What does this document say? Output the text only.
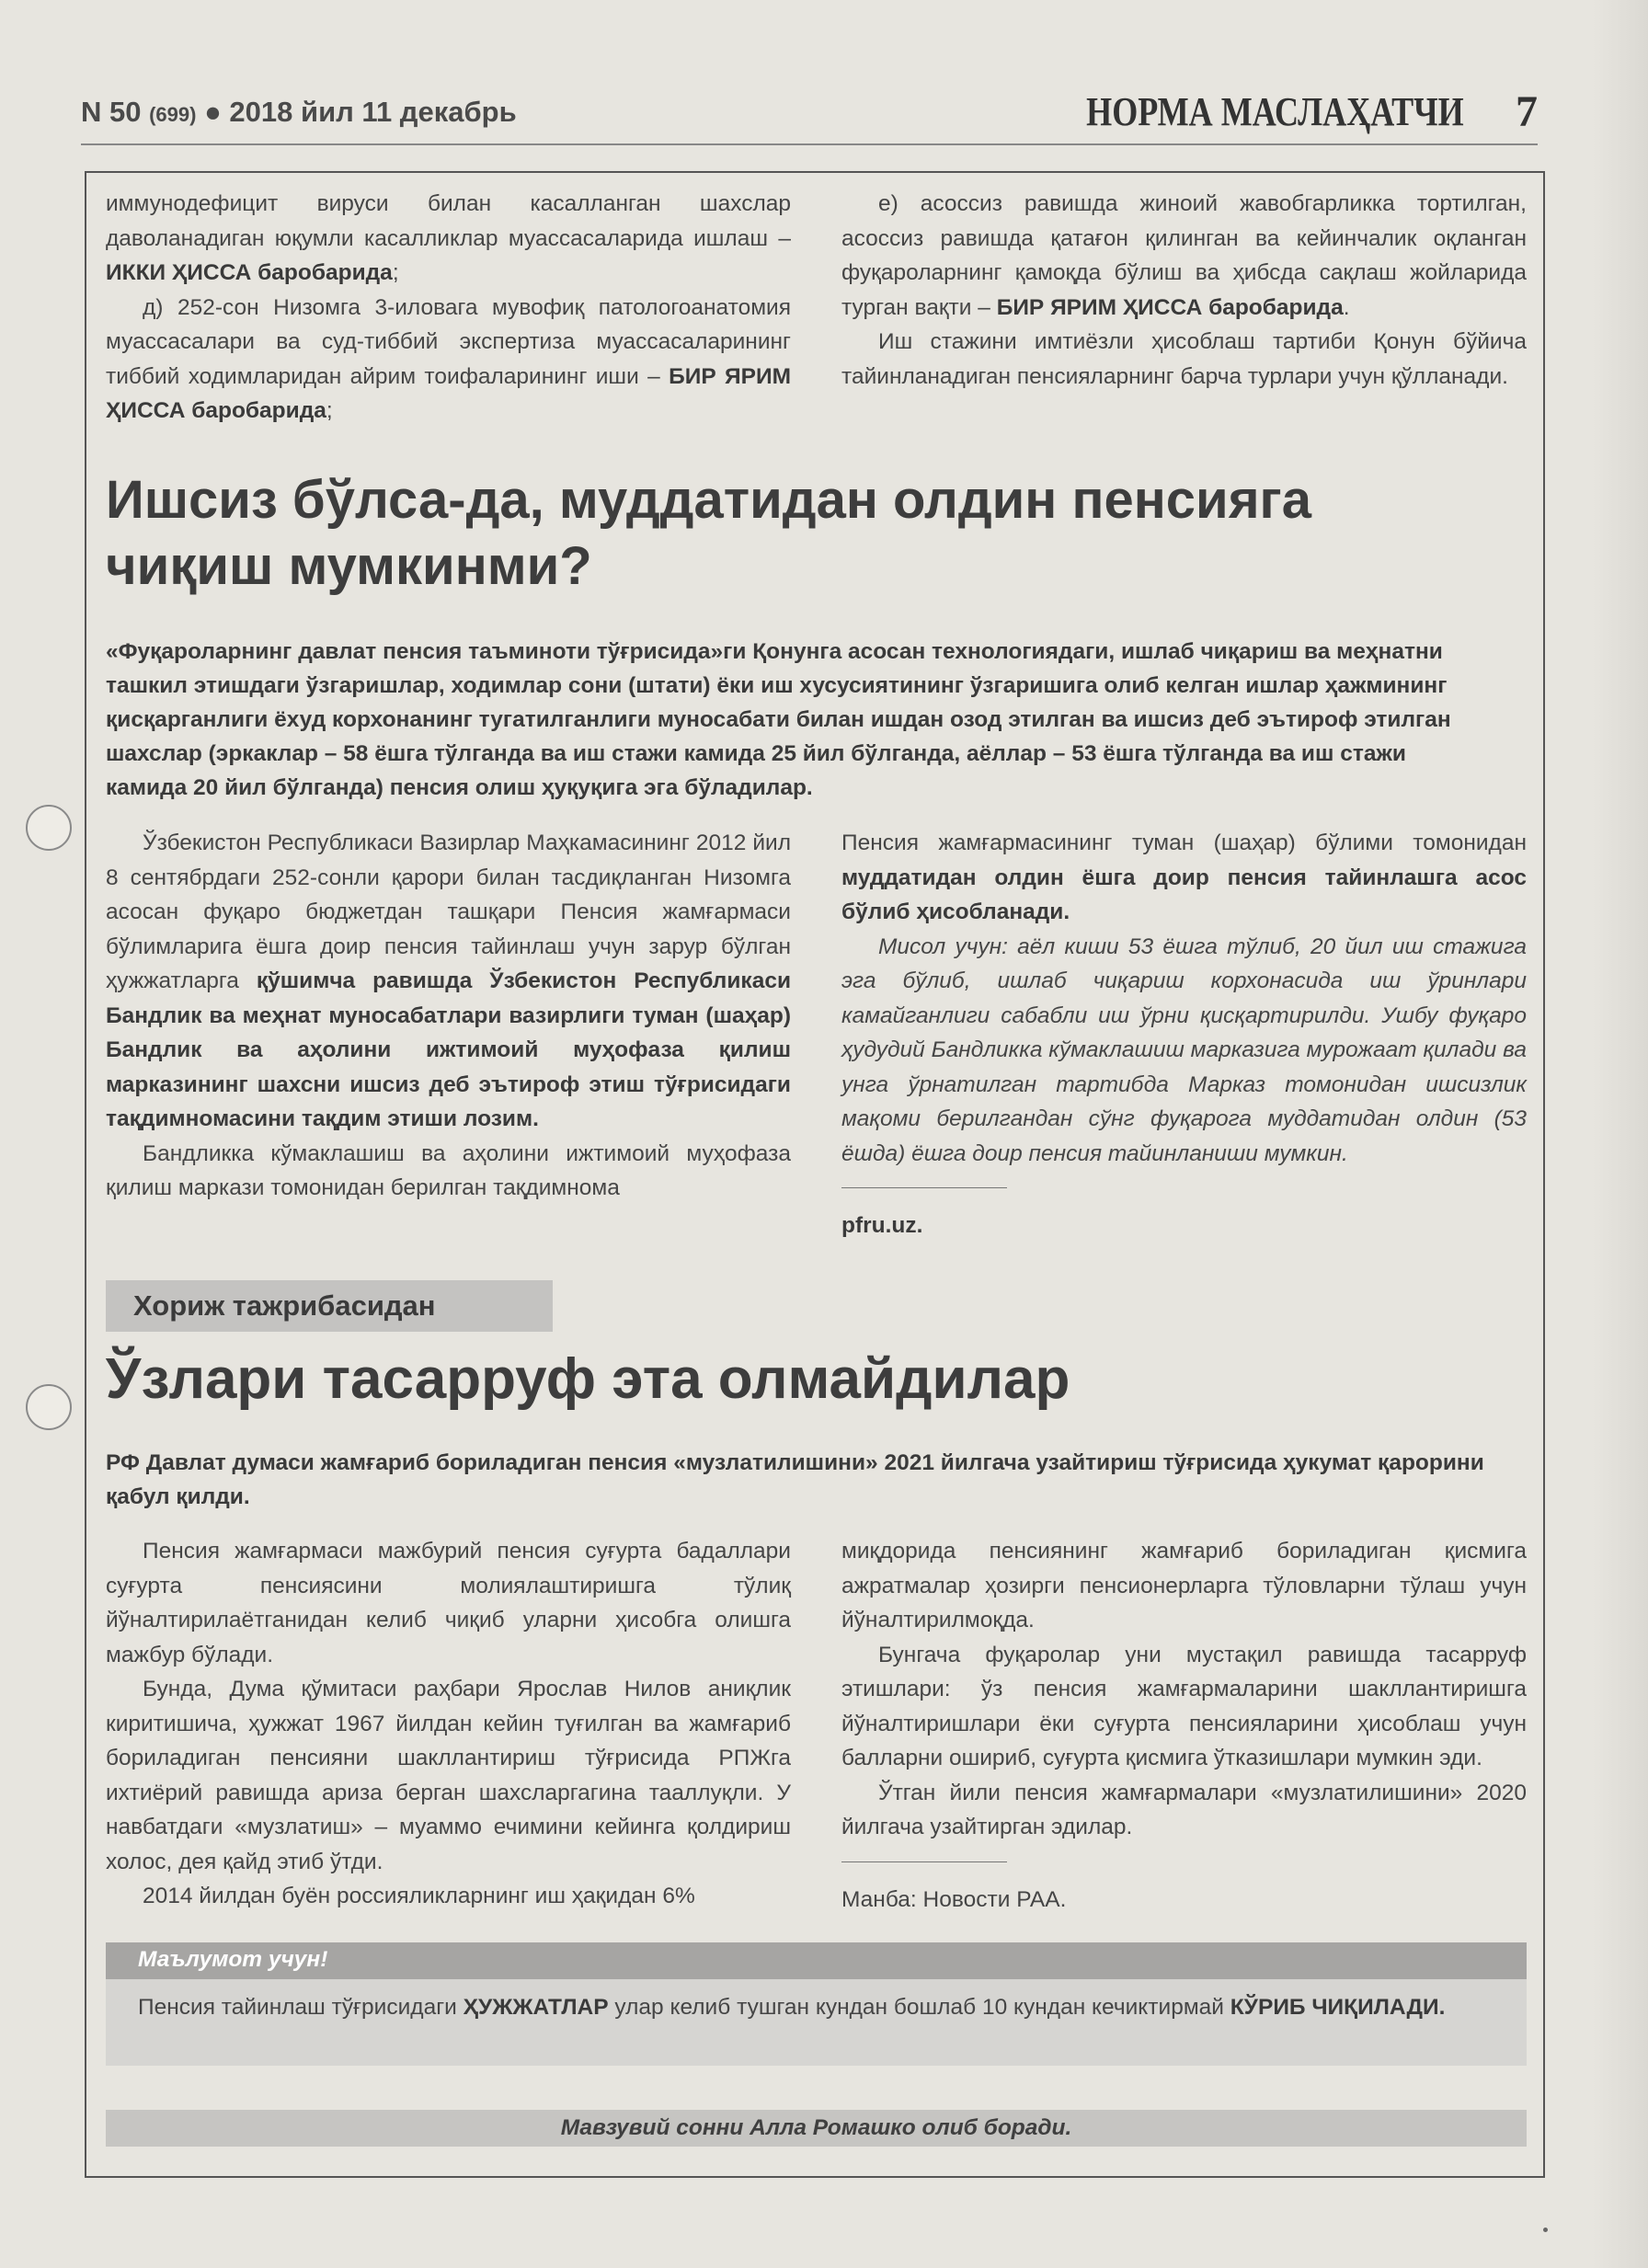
N 50 (699) ● 2018 йил 11 декабрь	НОРМА МАСЛАҲАТЧИ 7

иммунодефицит вируси билан касалланган шахслар даволанадиган юқумли касалликлар муассасаларида ишлаш – ИККИ ҲИССА баробарида;

д) 252-сон Низомга 3-иловага мувофиқ патологоанатомия муассасалари ва суд-тиббий экспертиза муассасаларининг тиббий ходимларидан айрим тоифаларининг иши – БИР ЯРИМ ҲИССА баробарида;

е) асоссиз равишда жиноий жавобгарликка тортилган, асоссиз равишда қатағон қилинган ва кейинчалик оқланган фуқароларнинг қамоқда бўлиш ва ҳибсда сақлаш жойларида турган вақти – БИР ЯРИМ ҲИССА баробарида.

Иш стажини имтиёзли ҳисоблаш тартиби Қонун бўйича тайинланадиган пенсияларнинг барча турлари учун қўлланади.

Ишсиз бўлса-да, муддатидан олдин пенсияга чиқиш мумкинми?
«Фуқароларнинг давлат пенсия таъминоти тўғрисида»ги Қонунга асосан технологиядаги, ишлаб чиқариш ва меҳнатни ташкил этишдаги ўзгаришлар, ходимлар сони (штати) ёки иш хусусиятининг ўзгаришига олиб келган ишлар ҳажмининг қисқарганлиги ёхуд корхонанинг тугатилганлиги муносабати билан ишдан озод этилган ва ишсиз деб эътироф этилган шахслар (эркаклар – 58 ёшга тўлганда ва иш стажи камида 25 йил бўлганда, аёллар – 53 ёшга тўлганда ва иш стажи камида 20 йил бўлганда) пенсия олиш ҳуқуқига эга бўладилар.

Ўзбекистон Республикаси Вазирлар Маҳкамасининг 2012 йил 8 сентябрдаги 252-сонли қарори билан тасдиқланган Низомга асосан фуқаро бюджетдан ташқари Пенсия жамғармаси бўлимларига ёшга доир пенсия тайинлаш учун зарур бўлган ҳужжатларга қўшимча равишда Ўзбекистон Республикаси Бандлик ва меҳнат муносабатлари вазирлиги туман (шаҳар) Бандлик ва аҳолини ижтимоий муҳофаза қилиш марказининг шахсни ишсиз деб эътироф этиш тўғрисидаги тақдимномасини тақдим этиши лозим.

Бандликка кўмаклашиш ва аҳолини ижтимоий муҳофаза қилиш маркази томонидан берилган тақдимнома

Пенсия жамғармасининг туман (шаҳар) бўлими томонидан муддатидан олдин ёшга доир пенсия тайинлашга асос бўлиб ҳисобланади.

Мисол учун: аёл киши 53 ёшга тўлиб, 20 йил иш стажига эга бўлиб, ишлаб чиқариш корхонасида иш ўринлари камайганлиги сабабли иш ўрни қисқартирилди. Ушбу фуқаро ҳудудий Бандликка кўмаклашиш марказига мурожаат қилади ва унга ўрнатилган тартибда Марказ томонидан ишсизлик мақоми берилгандан сўнг фуқарога муддатидан олдин (53 ёшда) ёшга доир пенсия тайинланиши мумкин.

pfru.uz.

Хориж тажрибасидан
Ўзлари тасарруф эта олмайдилар
РФ Давлат думаси жамғариб бориладиган пенсия «музлатилишини» 2021 йилгача узайтириш тўғрисида ҳукумат қарорини қабул қилди.

Пенсия жамғармаси мажбурий пенсия суғурта бадаллари суғурта пенсиясини молиялаштиришга тўлиқ йўналтирилаётганидан келиб чиқиб уларни ҳисобга олишга мажбур бўлади.

Бунда, Дума қўмитаси раҳбари Ярослав Нилов аниқлик киритишича, ҳужжат 1967 йилдан кейин туғилган ва жамғариб бориладиган пенсияни шакллантириш тўғрисида РПЖга ихтиёрий равишда ариза берган шахсларгагина тааллуқли. У навбатдаги «музлатиш» – муаммо ечимини кейинга қолдириш холос, дея қайд этиб ўтди.

2014 йилдан буён россияликларнинг иш ҳақидан 6%

миқдорида пенсиянинг жамғариб бориладиган қисмига ажратмалар ҳозирги пенсионерларга тўловларни тўлаш учун йўналтирилмоқда.

Бунгача фуқаролар уни мустақил равишда тасарруф этишлари: ўз пенсия жамғармаларини шакллантиришга йўналтиришлари ёки суғурта пенсияларини ҳисоблаш учун балларни ошириб, суғурта қисмига ўтказишлари мумкин эди.

Ўтган йили пенсия жамғармалари «музлатилишини» 2020 йилгача узайтирган эдилар.

Манба: Новости РАА.

Маълумот учун!
Пенсия тайинлаш тўғрисидаги ҲУЖЖАТЛАР улар келиб тушган кундан бошлаб 10 кундан кечиктирмай КЎРИБ ЧИҚИЛАДИ.
Мавзувий сонни Алла Ромашко олиб боради.
